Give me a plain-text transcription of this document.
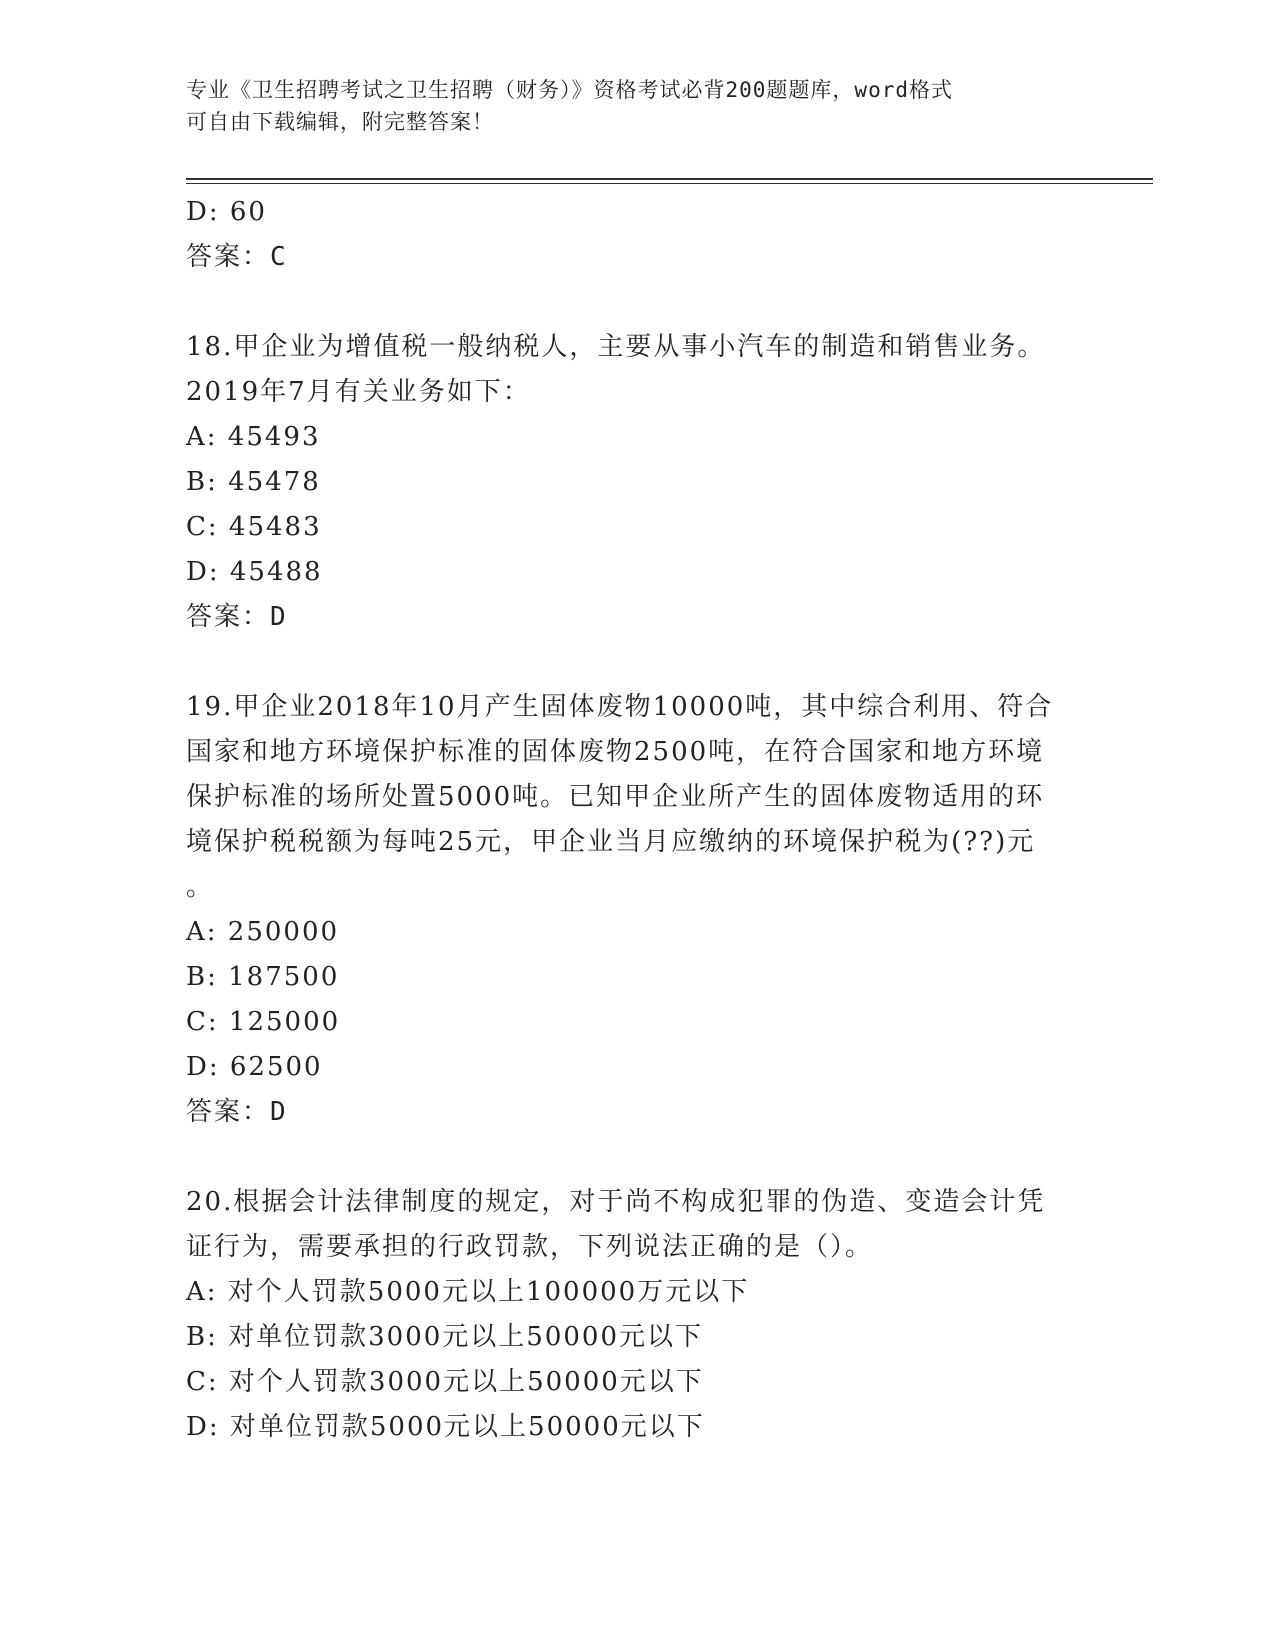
专业《卫生招聘考试之卫生招聘（财务）》资格考试必背200题题库，word格式
可自由下载编辑，附完整答案！
D: 60
答案：C
18.甲企业为增值税一般纳税人，主要从事小汽车的制造和销售业务。
2019年7月有关业务如下：
A: 45493
B: 45478
C: 45483
D: 45488
答案：D
19.甲企业2018年10月产生固体废物10000吨，其中综合利用、符合
国家和地方环境保护标准的固体废物2500吨，在符合国家和地方环境
保护标准的场所处置5000吨。已知甲企业所产生的固体废物适用的环
境保护税税额为每吨25元，甲企业当月应缴纳的环境保护税为(??)元
。
A: 250000
B: 187500
C: 125000
D: 62500
答案：D
20.根据会计法律制度的规定，对于尚不构成犯罪的伪造、变造会计凭
证行为，需要承担的行政罚款，下列说法正确的是（）。
A: 对个人罚款5000元以上100000万元以下
B: 对单位罚款3000元以上50000元以下
C: 对个人罚款3000元以上50000元以下
D: 对单位罚款5000元以上50000元以下
